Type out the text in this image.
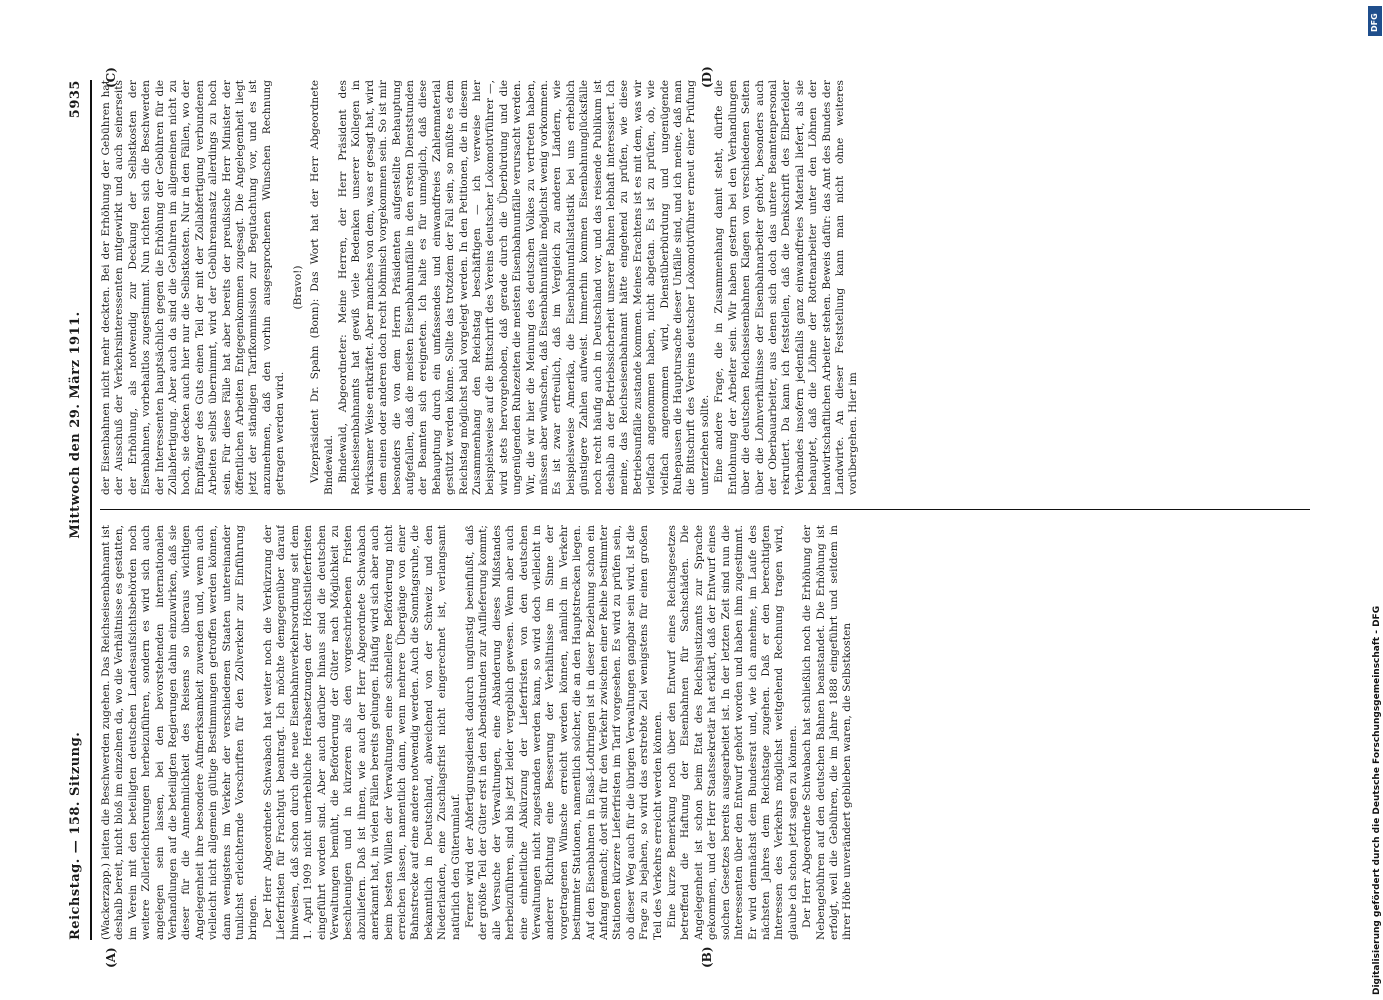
Reichstag. — 158. Sitzung.
Mittwoch den 29. März 1911.
5935

(Wackerzapp.) leiten die Beschwerden zugehen. Das Reichseisenbahnamt ist deshalb bereit, nicht bloß im einzelnen da, wo die Verhältnisse es gestatten, im Verein mit den beteiligten deutschen Landesaufsichtsbehörden noch weitere Zollerleichterungen herbeizuführen, sondern es wird sich auch angelegen sein lassen, bei den bevorstehenden internationalen Verhandlungen auf die beteiligten Regierungen dahin einzuwirken, daß sie dieser für die Annehmlichkeit des Reisens so überaus wichtigen Angelegenheit ihre besondere Aufmerksamkeit zuwenden und, wenn auch vielleicht nicht allgemein gültige Bestimmungen getroffen werden können, dann wenigstens im Verkehr der verschiedenen Staaten untereinander tunlichst erleichternde Vorschriften für den Zollverkehr zur Einführung bringen. Der Herr Abgeordnete Schwabach hat weiter noch die Verkürzung der Lieferfristen für Frachtgut beantragt. Ich möchte demgegenüber darauf hinweisen, daß schon durch die neue Eisenbahnverkehrsordnung seit dem 1. April 1909 nicht unerhebliche Herabsetzungen der Höchstlieferfristen eingeführt worden sind. Aber auch darüber hinaus sind die deutschen Verwaltungen bemüht, die Beförderung der Güter nach Möglichkeit zu beschleunigen und in kürzeren als den vorgeschriebenen Fristen abzuliefern. Daß ist ihnen, wie auch der Herr Abgeordnete Schwabach anerkannt hat, in vielen Fällen bereits gelungen. Häufig wird sich aber auch beim besten Willen der Verwaltungen eine schnellere Beförderung nicht erreichen lassen, namentlich dann, wenn mehrere Übergänge von einer Bahnstrecke auf eine andere notwendig werden. Auch die Sonntagsruhe, die bekanntlich in Deutschland, abweichend von der Schweiz und den Niederlanden, eine Zuschlagsfrist nicht eingerechnet ist, verlangsamt natürlich den Güterumlauf. Ferner wird der Abfertigungsdienst dadurch ungünstig beeinflußt, daß der größte Teil der Güter erst in den Abendstunden zur Auflieferung kommt; alle Versuche der Verwaltungen, eine Abänderung dieses Mißstandes herbeizuführen, sind bis jetzt leider vergeblich gewesen. Wenn aber auch eine einheitliche Abkürzung der Lieferfristen von den deutschen Verwaltungen nicht zugestanden werden kann, so wird doch vielleicht in anderer Richtung eine Besserung der Verhältnisse im Sinne der vorgetragenen Wünsche erreicht werden können, nämlich im Verkehr bestimmter Stationen, namentlich solcher, die an den Hauptstrecken liegen. Auf den Eisenbahnen in Elsaß-Lothringen ist in dieser Beziehung schon ein Anfang gemacht; dort sind für den Verkehr zwischen einer Reihe bestimmter Stationen kürzere Lieferfristen im Tarif vorgesehen. Es wird zu prüfen sein, ob dieser Weg auch für die übrigen Verwaltungen gangbar sein wird. Ist die Frage zu bejahen, so wird das erstrebte Ziel wenigstens für einen großen Teil des Verkehrs erreicht werden können. Eine kurze Bemerkung noch über den Entwurf eines Reichsgesetzes betreffend die Haftung der Eisenbahnen für Sachschäden. Die Angelegenheit ist schon beim Etat des Reichsjustizamts zur Sprache gekommen, und der Herr Staatssekretär hat erklärt, daß der Entwurf eines solchen Gesetzes bereits ausgearbeitet ist. In der letzten Zeit sind nun die Interessenten über den Entwurf gehört worden und haben ihm zugestimmt. Er wird demnächst dem Bundesrat und, wie ich annehme, im Laufe des nächsten Jahres dem Reichstage zugehen. Daß er den berechtigten Interessen des Verkehrs möglichst weitgehend Rechnung tragen wird, glaube ich schon jetzt sagen zu können. Der Herr Abgeordnete Schwabach hat schließlich noch die Erhöhung der Nebengebühren auf den deutschen Bahnen beanstandet. Die Erhöhung ist erfolgt, weil die Gebühren, die im Jahre 1888 eingeführt und seitdem in ihrer Höhe unverändert geblieben waren, die Selbstkosten

der Eisenbahnen nicht mehr deckten. Bei der Erhöhung der Gebühren hat der Ausschuß der Verkehrsinteressenten mitgewirkt und auch seinerseits der Erhöhung, als notwendig zur Deckung der Selbstkosten der Eisenbahnen, vorbehaltlos zugestimmt. Nun richten sich die Beschwerden der Interessenten hauptsächlich gegen die Erhöhung der Gebühren für die Zollabfertigung. Aber auch da sind die Gebühren im allgemeinen nicht zu hoch, sie decken auch hier nur die Selbstkosten. Nur in den Fällen, wo der Empfänger des Guts einen Teil der mit der Zollabfertigung verbundenen Arbeiten selbst übernimmt, wird der Gebührenansatz allerdings zu hoch sein. Für diese Fälle hat aber bereits der preußische Herr Minister der öffentlichen Arbeiten Entgegenkommen zugesagt. Die Angelegenheit liegt jetzt der ständigen Tarifkommission zur Begutachtung vor, und es ist anzunehmen, daß den vorhin ausgesprochenen Wünschen Rechnung getragen werden wird.

(Bravo!) Vizepräsident Dr. Spahn (Bonn): Das Wort hat der Herr Abgeordnete Bindewald. Bindewald, Abgeordneter: Meine Herren, der Herr Präsident des Reichseisenbahnamts hat gewiß viele Bedenken unserer Kollegen in wirksamer Weise entkräftet. Aber manches von dem, was er gesagt hat, wird dem einen oder anderen doch recht böhmisch vorgekommen sein. So ist mir besonders die von dem Herrn Präsidenten aufgestellte Behauptung aufgefallen, daß die meisten Eisenbahnunfälle in den ersten Dienststunden der Beamten sich ereigneten. Ich halte es für unmöglich, daß diese Behauptung durch ein umfassendes und einwandfreies Zahlenmaterial gestützt werden könne. Sollte das trotzdem der Fall sein, so müßte es dem Reichstag möglichst bald vorgelegt werden. In den Petitionen, die in diesem Zusammenhang den Reichstag beschäftigen — ich verweise hier beispielsweise auf die Bittschrift des Vereins deutscher Lokomotivführer —, wird stets hervorgehoben, daß gerade durch die Überbürdung und die ungenügenden Ruhezeiten die meisten Eisenbahnunfälle verursacht werden. Wir, die wir hier die Meinung des deutschen Volkes zu vertreten haben, müssen aber wünschen, daß Eisenbahnunfälle möglichst wenig vorkommen. Es ist zwar erfreulich, daß im Vergleich zu anderen Ländern, wie beispielsweise Amerika, die Eisenbahnunfallstatistik bei uns erheblich günstigere Zahlen aufweist. Immerhin kommen Eisenbahnunglücksfälle noch recht häufig auch in Deutschland vor, und das reisende Publikum ist deshalb an der Betriebssicherheit unserer Bahnen lebhaft interessiert. Ich meine, das Reichseisenbahnamt hätte eingehend zu prüfen, wie diese Betriebsunfälle zustande kommen. Meines Erachtens ist es mit dem, was wir vielfach angenommen haben, nicht abgetan. Es ist zu prüfen, ob, wie vielfach angenommen wird, Dienstüberbürdung und ungenügende Ruhepausen die Hauptursache dieser Unfälle sind, und ich meine, daß man die Bittschrift des Vereins deutscher Lokomotivführer erneut einer Prüfung unterziehen sollte. Eine andere Frage, die in Zusammenhang damit steht, dürfte die Entlohnung der Arbeiter sein. Wir haben gestern bei den Verhandlungen über die deutschen Reichseisenbahnen Klagen von verschiedenen Seiten über die Lohnverhältnisse der Eisenbahnarbeiter gehört, besonders auch der Oberbauarbeiter, aus denen sich doch das untere Beamtenpersonal rekrutiert. Da kann ich feststellen, daß die Denkschrift des Elberfelder Verbandes insofern jedenfalls ganz einwandfreies Material liefert, als sie behauptet, daß die Löhne der Rottenarbeiter unter den Löhnen der landwirtschaftlichen Arbeiter stehen. Beweis dafür: das Amt des Bundes der Landwirte. An dieser Feststellung kann man nicht ohne weiteres vorübergehen. Hier im

(A)	(B)
(C)	(D)
Digitalisierung gefördert durch die Deutsche Forschungsgemeinschaft - DFG
DFG
